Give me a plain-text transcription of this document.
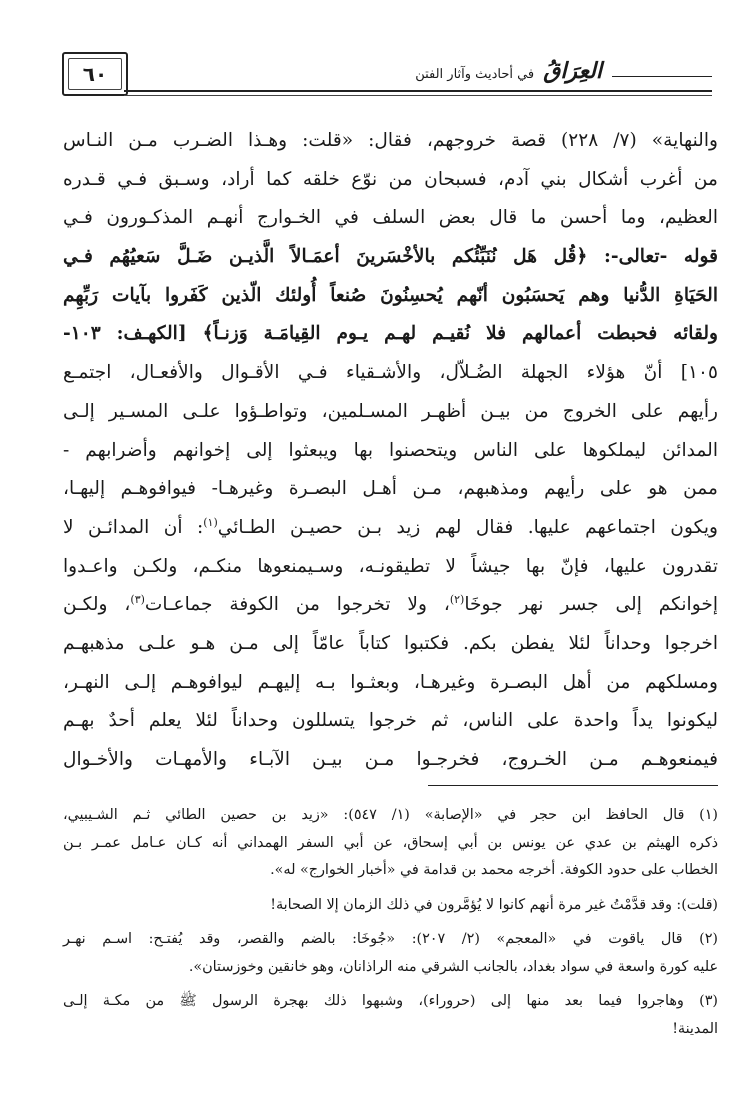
٦٠	العِرَاقُ في أحاديث وآثار الفتن
والنهاية» (٧/ ٢٢٨) قصة خروجهم، فقال: «قلت: وهـذا الضـرب مـن النـاس
من أغرب أشكال بني آدم، فسبحان من نوّع خلقه كما أراد، وسـبق فـي قـدره
العظيم، وما أحسن ما قال بعض السلف في الخـوارج أنهـم المذكـورون فـي
قوله -تعالى-: ﴿قُل هَل نُنَبِّئُكم بالأخْسَرينَ أعمَـالاً الَّذيـن ضَـلَّ سَعيُهُم فـي
الحَيَاةِ الدُّنيا وهم يَحسَبُون أنّهم يُحسِنُونَ صُنعاً أُولئك الّذين كَفَروا بآيات رَبِّهِم
ولقائه فحبطت أعمالهم فلا نُقيـم لهـم يـوم القِيامَـة وَزنـاً﴾ [الكهـف: ١٠٣-
١٠٥] أنّ هؤلاء الجهلة الضُـلاّل، والأشـقياء فـي الأقـوال والأفعـال، اجتمـع
رأيهم على الخروج من بيـن أظهـر المسـلمين، وتواطـؤوا علـى المسـير إلـى
المدائن ليملكوها على الناس ويتحصنوا بها ويبعثوا إلى إخوانهم وأضرابهم -
ممن هو على رأيهم ومذهبهم، مـن أهـل البصـرة وغيرهـا- فيوافوهـم إليهـا،
ويكون اجتماعهم عليها. فقال لهم زيد بـن حصيـن الطـائي$^{(١)}$: أن المدائـن لا
تقدرون عليها، فإنّ بها جيشاً لا تطيقونـه، وسـيمنعوها منكـم، ولكـن واعـدوا
إخوانكم إلى جسر نهر جوخَا$^{(٢)}$، ولا تخرجوا من الكوفة جماعـات$^{(٣)}$، ولكـن
اخرجوا وحداناً لئلا يفطن بكم. فكتبوا كتاباً عامّاً إلى مـن هـو علـى مذهبهـم
ومسلكهم من أهل البصـرة وغيرهـا، وبعثـوا بـه إليهـم ليوافوهـم إلـى النهـر،
ليكونوا يداً واحدة على الناس، ثم خرجوا يتسللون وحداناً لئلا يعلم أحدٌ بهـم
فيمنعوهـم مـن الخـروج، فخرجـوا مـن بيـن الآبـاء والأمهـات والأخـوال
(١) قال الحافظ ابن حجر في «الإصابة» (١/ ٥٤٧): «زيد بن حصين الطائي ثـم الشـيبيي،
ذكره الهيثم بن عدي عن يونس بن أبي إسحاق، عن أبي السفر الهمداني أنه كـان عـامل عمـر بـن
الخطاب على حدود الكوفة. أخرجه محمد بن قدامة في «أخبار الخوارج» له».
(قلت): وقد قدَّمْتُ غير مرة أنهم كانوا لا يُؤمَّرون في ذلك الزمان إلا الصحابة!
(٢) قال ياقوت في «المعجم» (٢/ ٢٠٧): «جُوخَا: بالضم والقصر، وقد يُفتـح: اسـم نهـر
عليه كورة واسعة في سواد بغداد، بالجانب الشرقي منه الراذانان، وهو خانقين وخوزستان».
(٣) وهاجروا فيما بعد منها إلى (حروراء)، وشبهوا ذلك بهجرة الرسول ﷺ من مكـة إلـى
المدينة!
